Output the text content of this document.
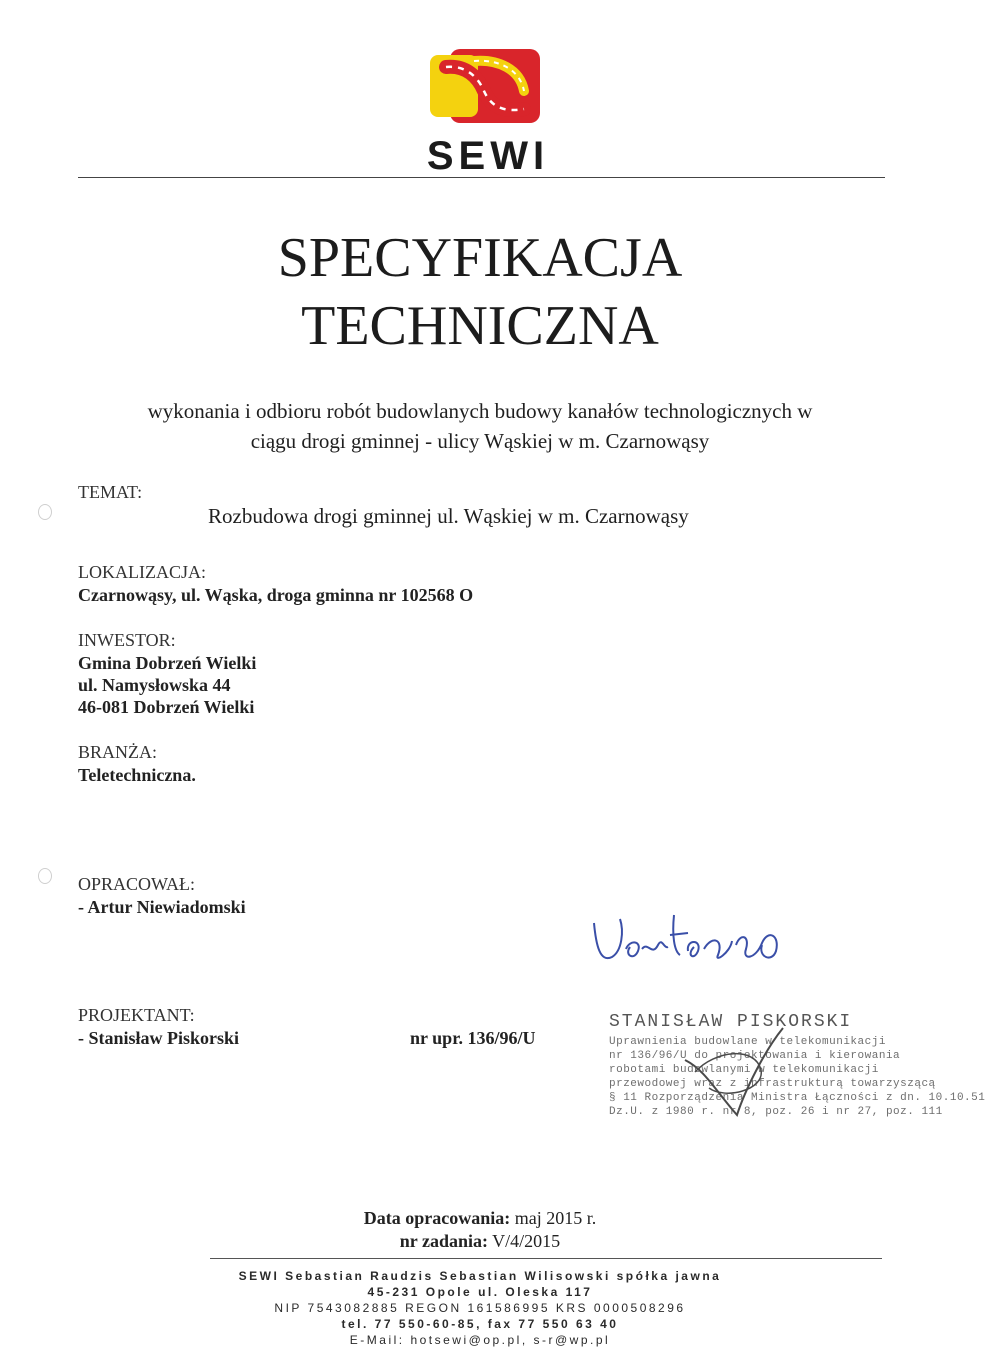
SEWI
SPECYFIKACJA
TECHNICZNA
wykonania i odbioru robót budowlanych budowy kanałów technologicznych w
ciągu drogi gminnej - ulicy Wąskiej w m. Czarnowąsy
TEMAT:
Rozbudowa drogi gminnej ul. Wąskiej w m. Czarnowąsy
LOKALIZACJA:
Czarnowąsy, ul. Wąska, droga gminna nr 102568 O
INWESTOR:
Gmina Dobrzeń Wielki
ul. Namysłowska 44
46-081 Dobrzeń Wielki
BRANŻA:
Teletechniczna.
OPRACOWAŁ:
- Artur Niewiadomski
PROJEKTANT:
- Stanisław Piskorski	nr upr. 136/96/U
STANISŁAW PISKORSKI
Uprawnienia budowlane w telekomunikacji
nr 136/96/U do projektowania i kierowania
robotami budowlanymi w telekomunikacji
przewodowej wraz z infrastrukturą towarzyszącą
§ 11 Rozporządzenia Ministra Łączności z dn. 10.10.51
Dz.U. z 1980 r. nr 8, poz. 26 i nr 27, poz. 111
Data opracowania: maj 2015 r.
nr zadania: V/4/2015
SEWI Sebastian Raudzis Sebastian Wilisowski spółka jawna
45-231 Opole ul. Oleska 117
NIP 7543082885 REGON 161586995 KRS 0000508296
tel. 77 550-60-85, fax 77 550 63 40
E-Mail: hotsewi@op.pl, s-r@wp.pl
